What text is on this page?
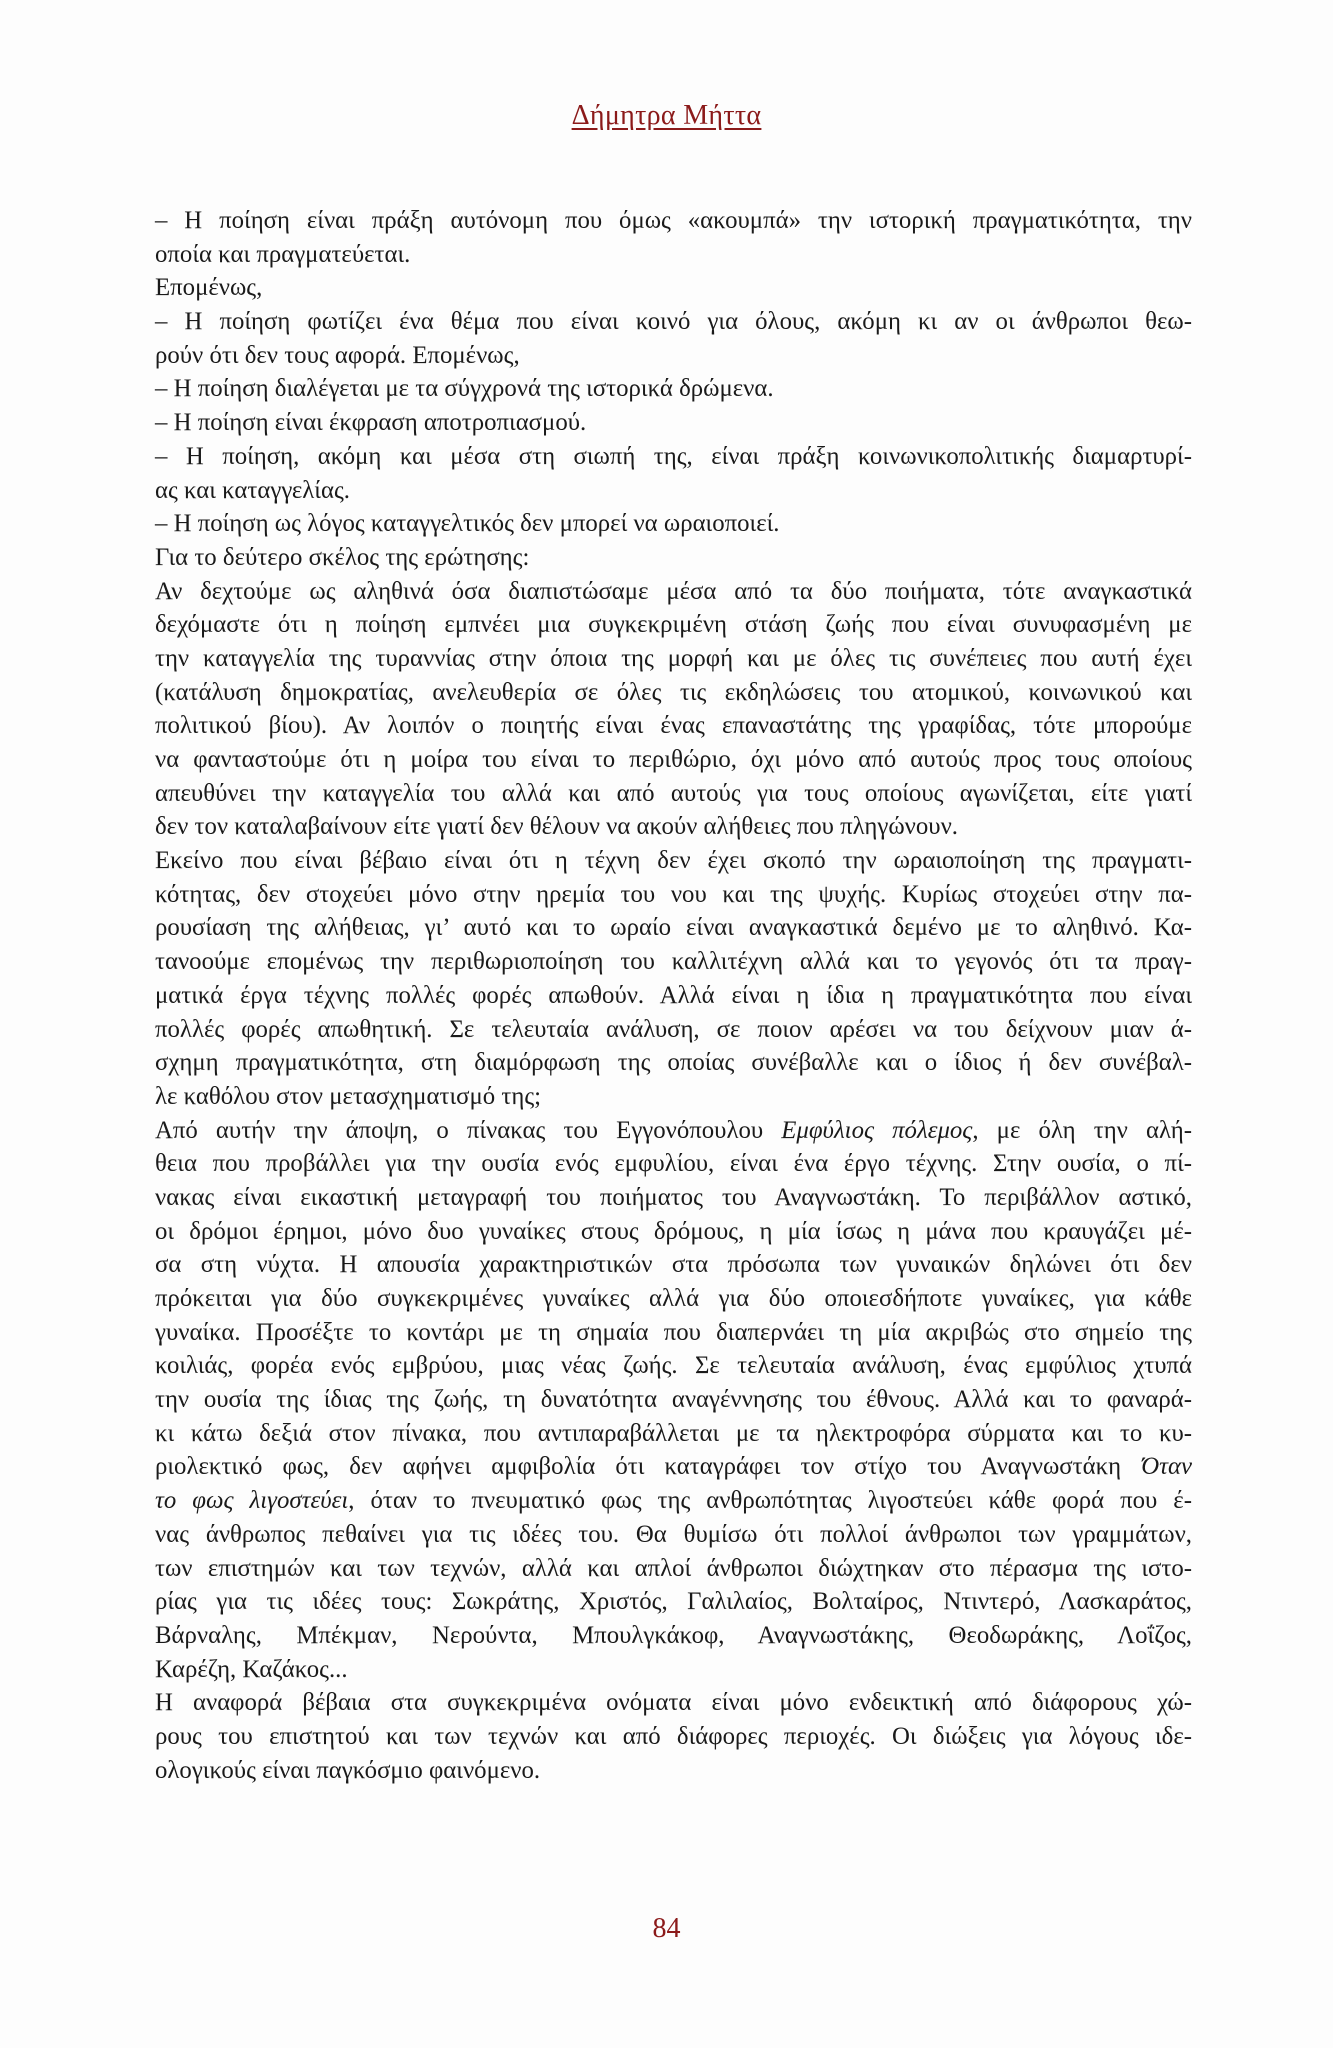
Δήμητρα Μήττα
– Η ποίηση είναι πράξη αυτόνομη που όμως «ακουμπά» την ιστορική πραγματικότητα, την
οποία και πραγματεύεται.
Επομένως,
– Η ποίηση φωτίζει ένα θέμα που είναι κοινό για όλους, ακόμη κι αν οι άνθρωποι θεω-
ρούν ότι δεν τους αφορά. Επομένως,
– Η ποίηση διαλέγεται με τα σύγχρονά της ιστορικά δρώμενα.
– Η ποίηση είναι έκφραση αποτροπιασμού.
– Η ποίηση, ακόμη και μέσα στη σιωπή της, είναι πράξη κοινωνικοπολιτικής διαμαρτυρί-
ας και καταγγελίας.
– Η ποίηση ως λόγος καταγγελτικός δεν μπορεί να ωραιοποιεί.
Για το δεύτερο σκέλος της ερώτησης:
Αν δεχτούμε ως αληθινά όσα διαπιστώσαμε μέσα από τα δύο ποιήματα, τότε αναγκαστικά
δεχόμαστε ότι η ποίηση εμπνέει μια συγκεκριμένη στάση ζωής που είναι συνυφασμένη με
την καταγγελία της τυραννίας στην όποια της μορφή και με όλες τις συνέπειες που αυτή έχει
(κατάλυση δημοκρατίας, ανελευθερία σε όλες τις εκδηλώσεις του ατομικού, κοινωνικού και
πολιτικού βίου). Αν λοιπόν ο ποιητής είναι ένας επαναστάτης της γραφίδας, τότε μπορούμε
να φανταστούμε ότι η μοίρα του είναι το περιθώριο, όχι μόνο από αυτούς προς τους οποίους
απευθύνει την καταγγελία του αλλά και από αυτούς για τους οποίους αγωνίζεται, είτε γιατί
δεν τον καταλαβαίνουν είτε γιατί δεν θέλουν να ακούν αλήθειες που πληγώνουν.
Εκείνο που είναι βέβαιο είναι ότι η τέχνη δεν έχει σκοπό την ωραιοποίηση της πραγματι-
κότητας, δεν στοχεύει μόνο στην ηρεμία του νου και της ψυχής. Κυρίως στοχεύει στην πα-
ρουσίαση της αλήθειας, γι’ αυτό και το ωραίο είναι αναγκαστικά δεμένο με το αληθινό. Κα-
τανοούμε επομένως την περιθωριοποίηση του καλλιτέχνη αλλά και το γεγονός ότι τα πραγ-
ματικά έργα τέχνης πολλές φορές απωθούν. Αλλά είναι η ίδια η πραγματικότητα που είναι
πολλές φορές απωθητική. Σε τελευταία ανάλυση, σε ποιον αρέσει να του δείχνουν μιαν ά-
σχημη πραγματικότητα, στη διαμόρφωση της οποίας συνέβαλλε και ο ίδιος ή δεν συνέβαλ-
λε καθόλου στον μετασχηματισμό της;
Από αυτήν την άποψη, ο πίνακας του Εγγονόπουλου Εμφύλιος πόλεμος, με όλη την αλή-
θεια που προβάλλει για την ουσία ενός εμφυλίου, είναι ένα έργο τέχνης. Στην ουσία, ο πί-
νακας είναι εικαστική μεταγραφή του ποιήματος του Αναγνωστάκη. Το περιβάλλον αστικό,
οι δρόμοι έρημοι, μόνο δυο γυναίκες στους δρόμους, η μία ίσως η μάνα που κραυγάζει μέ-
σα στη νύχτα. Η απουσία χαρακτηριστικών στα πρόσωπα των γυναικών δηλώνει ότι δεν
πρόκειται για δύο συγκεκριμένες γυναίκες αλλά για δύο οποιεσδήποτε γυναίκες, για κάθε
γυναίκα. Προσέξτε το κοντάρι με τη σημαία που διαπερνάει τη μία ακριβώς στο σημείο της
κοιλιάς, φορέα ενός εμβρύου, μιας νέας ζωής. Σε τελευταία ανάλυση, ένας εμφύλιος χτυπά
την ουσία της ίδιας της ζωής, τη δυνατότητα αναγέννησης του έθνους. Αλλά και το φαναρά-
κι κάτω δεξιά στον πίνακα, που αντιπαραβάλλεται με τα ηλεκτροφόρα σύρματα και το κυ-
ριολεκτικό φως, δεν αφήνει αμφιβολία ότι καταγράφει τον στίχο του Αναγνωστάκη Όταν
το φως λιγοστεύει, όταν το πνευματικό φως της ανθρωπότητας λιγοστεύει κάθε φορά που έ-
νας άνθρωπος πεθαίνει για τις ιδέες του. Θα θυμίσω ότι πολλοί άνθρωποι των γραμμάτων,
των επιστημών και των τεχνών, αλλά και απλοί άνθρωποι διώχτηκαν στο πέρασμα της ιστο-
ρίας για τις ιδέες τους: Σωκράτης, Χριστός, Γαλιλαίος, Βολταίρος, Ντιντερό, Λασκαράτος,
Βάρναλης, Μπέκμαν, Νερούντα, Μπουλγκάκοφ, Αναγνωστάκης, Θεοδωράκης, Λοΐζος,
Καρέζη, Καζάκος...
Η αναφορά βέβαια στα συγκεκριμένα ονόματα είναι μόνο ενδεικτική από διάφορους χώ-
ρους του επιστητού και των τεχνών και από διάφορες περιοχές. Οι διώξεις για λόγους ιδε-
ολογικούς είναι παγκόσμιο φαινόμενο.
84
